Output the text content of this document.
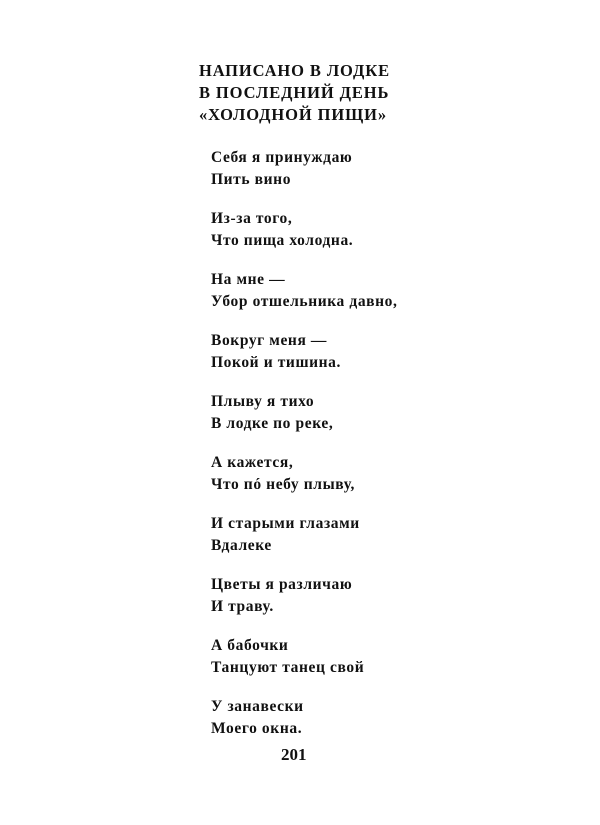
НАПИСАНО В ЛОДКЕ
В ПОСЛЕДНИЙ ДЕНЬ
«ХОЛОДНОЙ ПИЩИ»
Себя я принуждаю
Пить вино
Из-за того,
Что пища холодна.
На мне —
Убор отшельника давно,
Вокруг меня —
Покой и тишина.
Плыву я тихо
В лодке по реке,
А кажется,
Что пó небу плыву,
И старыми глазами
Вдалеке
Цветы я различаю
И траву.
А бабочки
Танцуют танец свой
У занавески
Моего окна.
201
